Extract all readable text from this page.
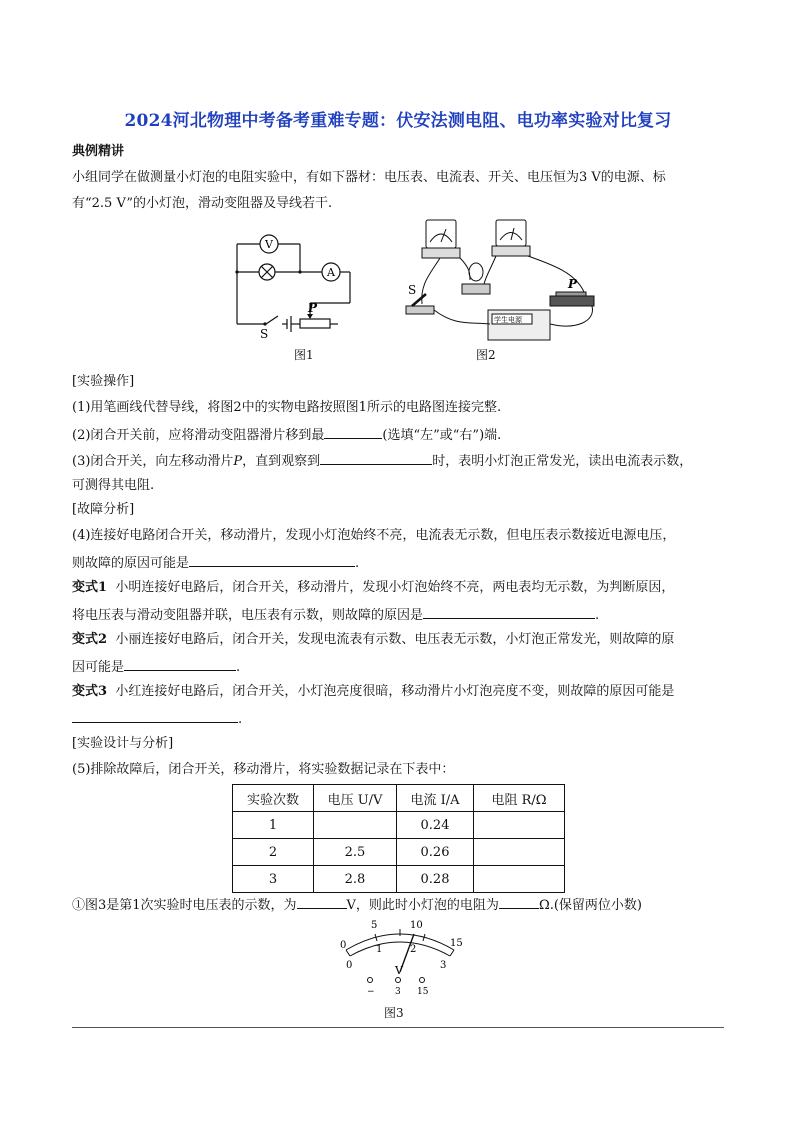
2024河北物理中考备考重难专题：伏安法测电阻、电功率实验对比复习
典例精讲
小组同学在做测量小灯泡的电阻实验中，有如下器材：电压表、电流表、开关、电压恒为3 V的电源、标
有“2.5 V”的小灯泡，滑动变阻器及导线若干.
V
A
S
P
图1
S	P
学生电源
图2
[实验操作]
(1)用笔画线代替导线，将图2中的实物电路按照图1所示的电路图连接完整.
(2)闭合开关前，应将滑动变阻器滑片移到最	(选填“左”或“右”)端.
(3)闭合开关，向左移动滑片P，直到观察到	时，表明小灯泡正常发光，读出电流表示数，
可测得其电阻.
[故障分析]
(4)连接好电路闭合开关，移动滑片，发现小灯泡始终不亮，电流表无示数，但电压表示数接近电源电压，
则故障的原因可能是	.
变式1 小明连接好电路后，闭合开关，移动滑片，发现小灯泡始终不亮，两电表均无示数，为判断原因，
将电压表与滑动变阻器并联，电压表有示数，则故障的原因是	.
变式2 小丽连接好电路后，闭合开关，发现电流表有示数、电压表无示数，小灯泡正常发光，则故障的原
因可能是	.
变式3 小红连接好电路后，闭合开关，小灯泡亮度很暗，移动滑片小灯泡亮度不变，则故障的原因可能是
.
[实验设计与分析]
(5)排除故障后，闭合开关，移动滑片，将实验数据记录在下表中：
实验次数	电压 U/V	电流 I/A	电阻 R/Ω
1		0.24	
2	2.5	0.26	
3	2.8	0.28	
①图3是第1次实验时电压表的示数，为	V，则此时小灯泡的电阻为	Ω.(保留两位小数)
0
5	10
15
0
1	2
3
V
− 3 15
图3
